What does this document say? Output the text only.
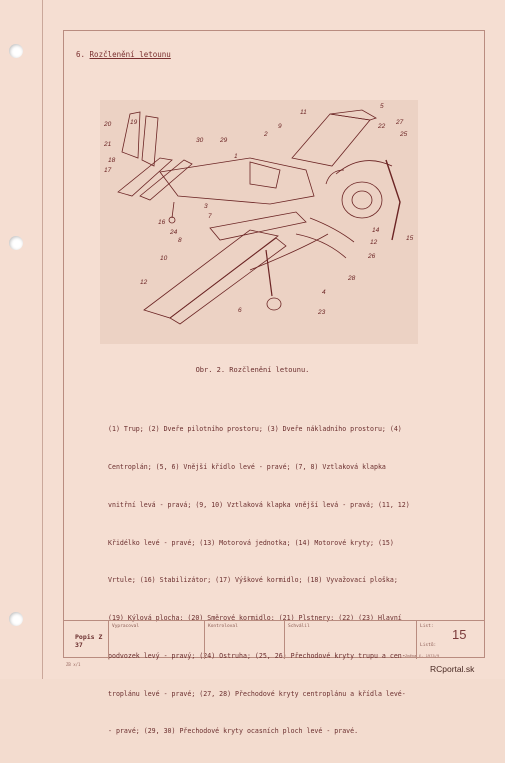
6. Rozčlenění letounu
20	19
21
18
17
30	29
1
2
9
11
5
22
27
25
3
7
16
24
8
10
12
6
14
12
26
15
28
4
23
Obr. 2. Rozčlenění letounu.

(1) Trup; (2) Dveře pilotního prostoru; (3) Dveře nákladního prostoru; (4)

Centroplán; (5, 6) Vnější křídlo levé - pravé; (7, 8) Vztlaková klapka

vnitřní levá - pravá; (9, 10) Vztlaková klapka vnější levá - pravá; (11, 12)

Křidélko levé - pravé; (13) Motorová jednotka; (14) Motorové kryty; (15)

Vrtule; (16) Stabilizátor; (17) Výškové kormidlo; (18) Vyvažovací ploška;

(19) Kýlová plocha; (20) Směrové kormidlo; (21) Plstnery; (22) (23) Hlavní

podvozek levý - pravý; (24) Ostruha; (25, 26) Přechodové kryty trupu a cen-

troplánu levé - pravé; (27, 28) Přechodové kryty centroplánu a křídla levé-

- pravé; (29, 30) Přechodové kryty ocasních ploch levé - pravé.

Popis Z 37
Vypracoval	Kontroloval	Schválil	List:
Listů:
15
Změna č. 1973/9
ZB x/1	RCportal.sk
